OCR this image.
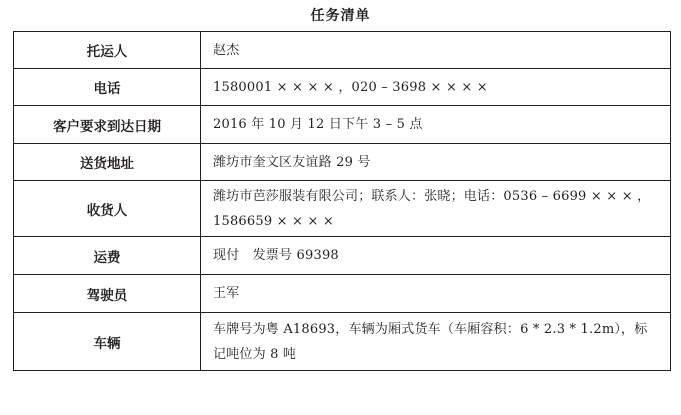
任务清单
托运人	赵杰
电话	1580001 × × × × ，020 – 3698 × × × ×
客户要求到达日期	2016 年 10 月 12 日下午 3 – 5 点
送货地址	潍坊市奎文区友谊路 29 号
收货人	潍坊市芭莎服装有限公司；联系人：张晓；电话：0536 – 6699 × × × ，1586659 × × × ×
运费	现付　发票号 69398
驾驶员	王军
车辆	车牌号为粤 A18693，车辆为厢式货车（车厢容积：6 * 2.3 * 1.2m），标记吨位为 8 吨
